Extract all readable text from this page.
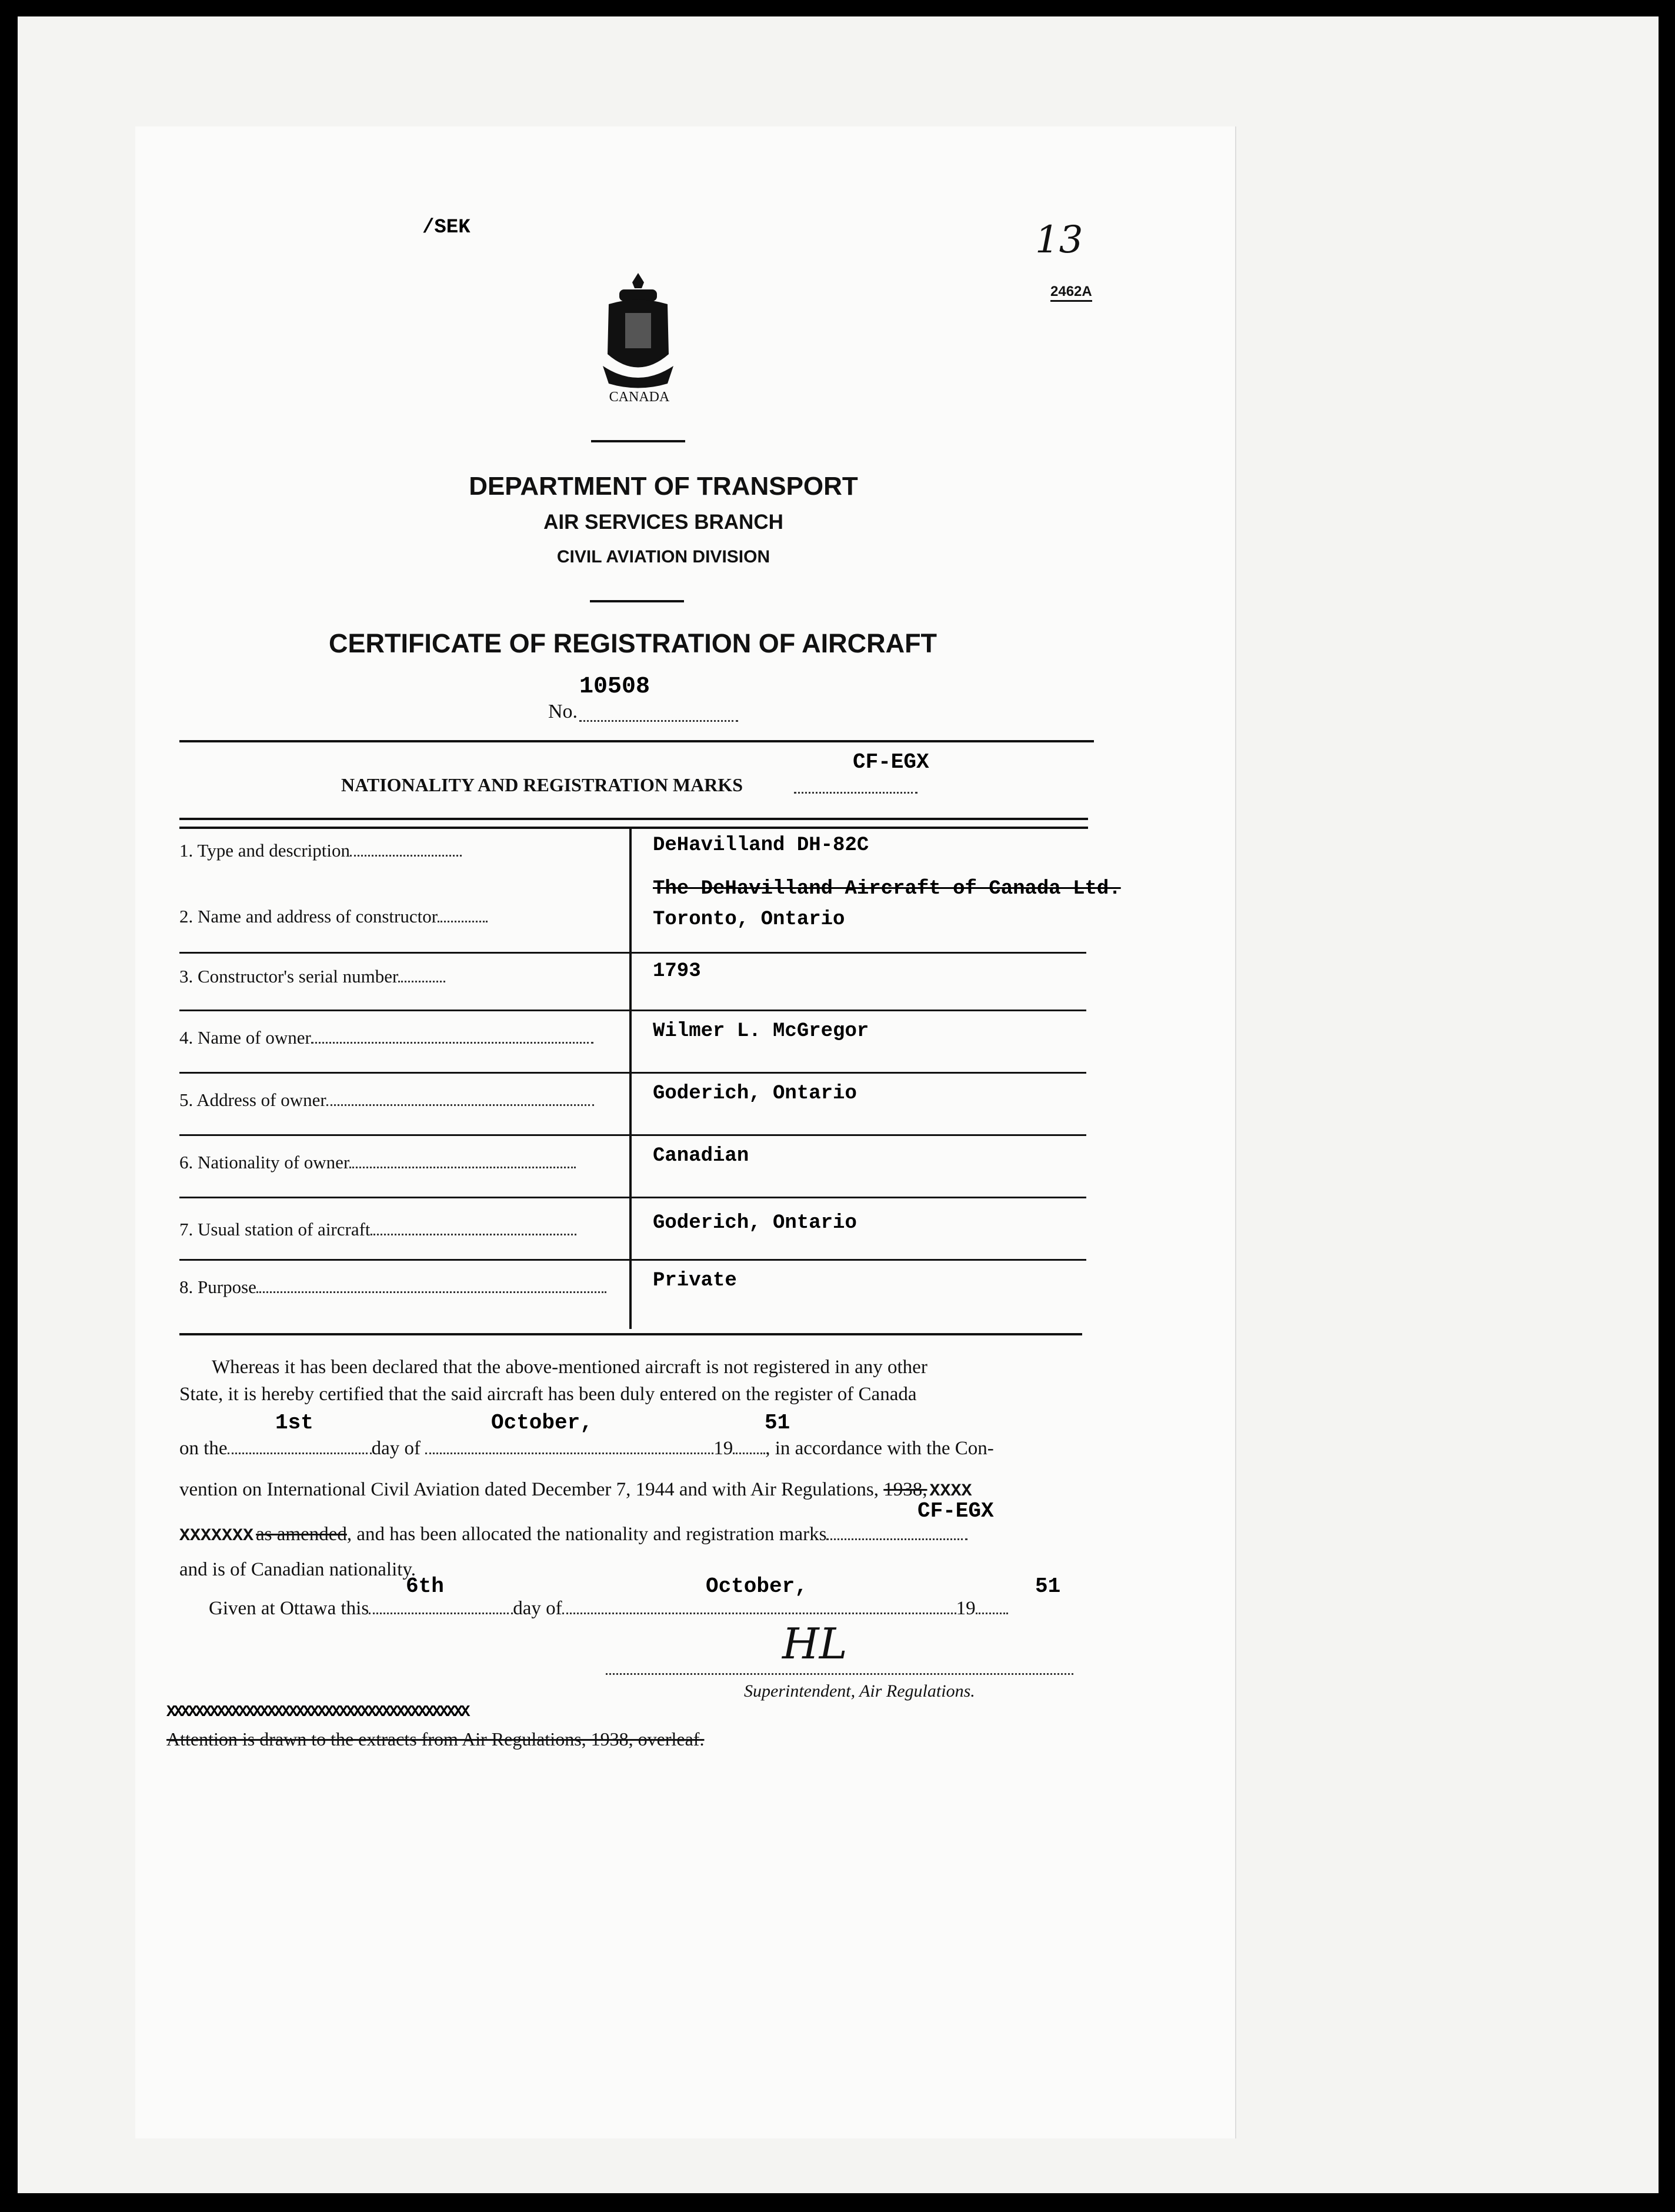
/SEK	13
2462A
CANADA
DEPARTMENT OF TRANSPORT
AIR SERVICES BRANCH
CIVIL AVIATION DIVISION
CERTIFICATE OF REGISTRATION OF AIRCRAFT
No.
10508
NATIONALITY AND REGISTRATION MARKS
CF-EGX
1. Type and description	DeHavilland DH-82C
2. Name and address of constructor
The DeHavilland Aircraft of Canada Ltd.
Toronto, Ontario
3. Constructor's serial number	1793
4. Name of owner	Wilmer L. McGregor
5. Address of owner	Goderich, Ontario
6. Nationality of owner	Canadian
7. Usual station of aircraft	Goderich, Ontario
8. Purpose	Private
Whereas it has been declared that the above-mentioned aircraft is not registered in any other
State, it is hereby certified that the said aircraft has been duly entered on the register of Canada
on the	day of	19 , in accordance with the Con-
1st	October,	51
vention on International Civil Aviation dated December 7, 1944 and with Air Regulations, 1938, XXXX
XXXXXXX as amended, and has been allocated the nationality and registration marks
CF-EGX
and is of Canadian nationality.
Given at Ottawa this	day of	19
6th	October,	51
HL
Superintendent, Air Regulations.
XXXXXXXXXXXXXXXXXXXXXXXXXXXXXXXXXXXXXXXXXX
Attention is drawn to the extracts from Air Regulations, 1938, overleaf.
